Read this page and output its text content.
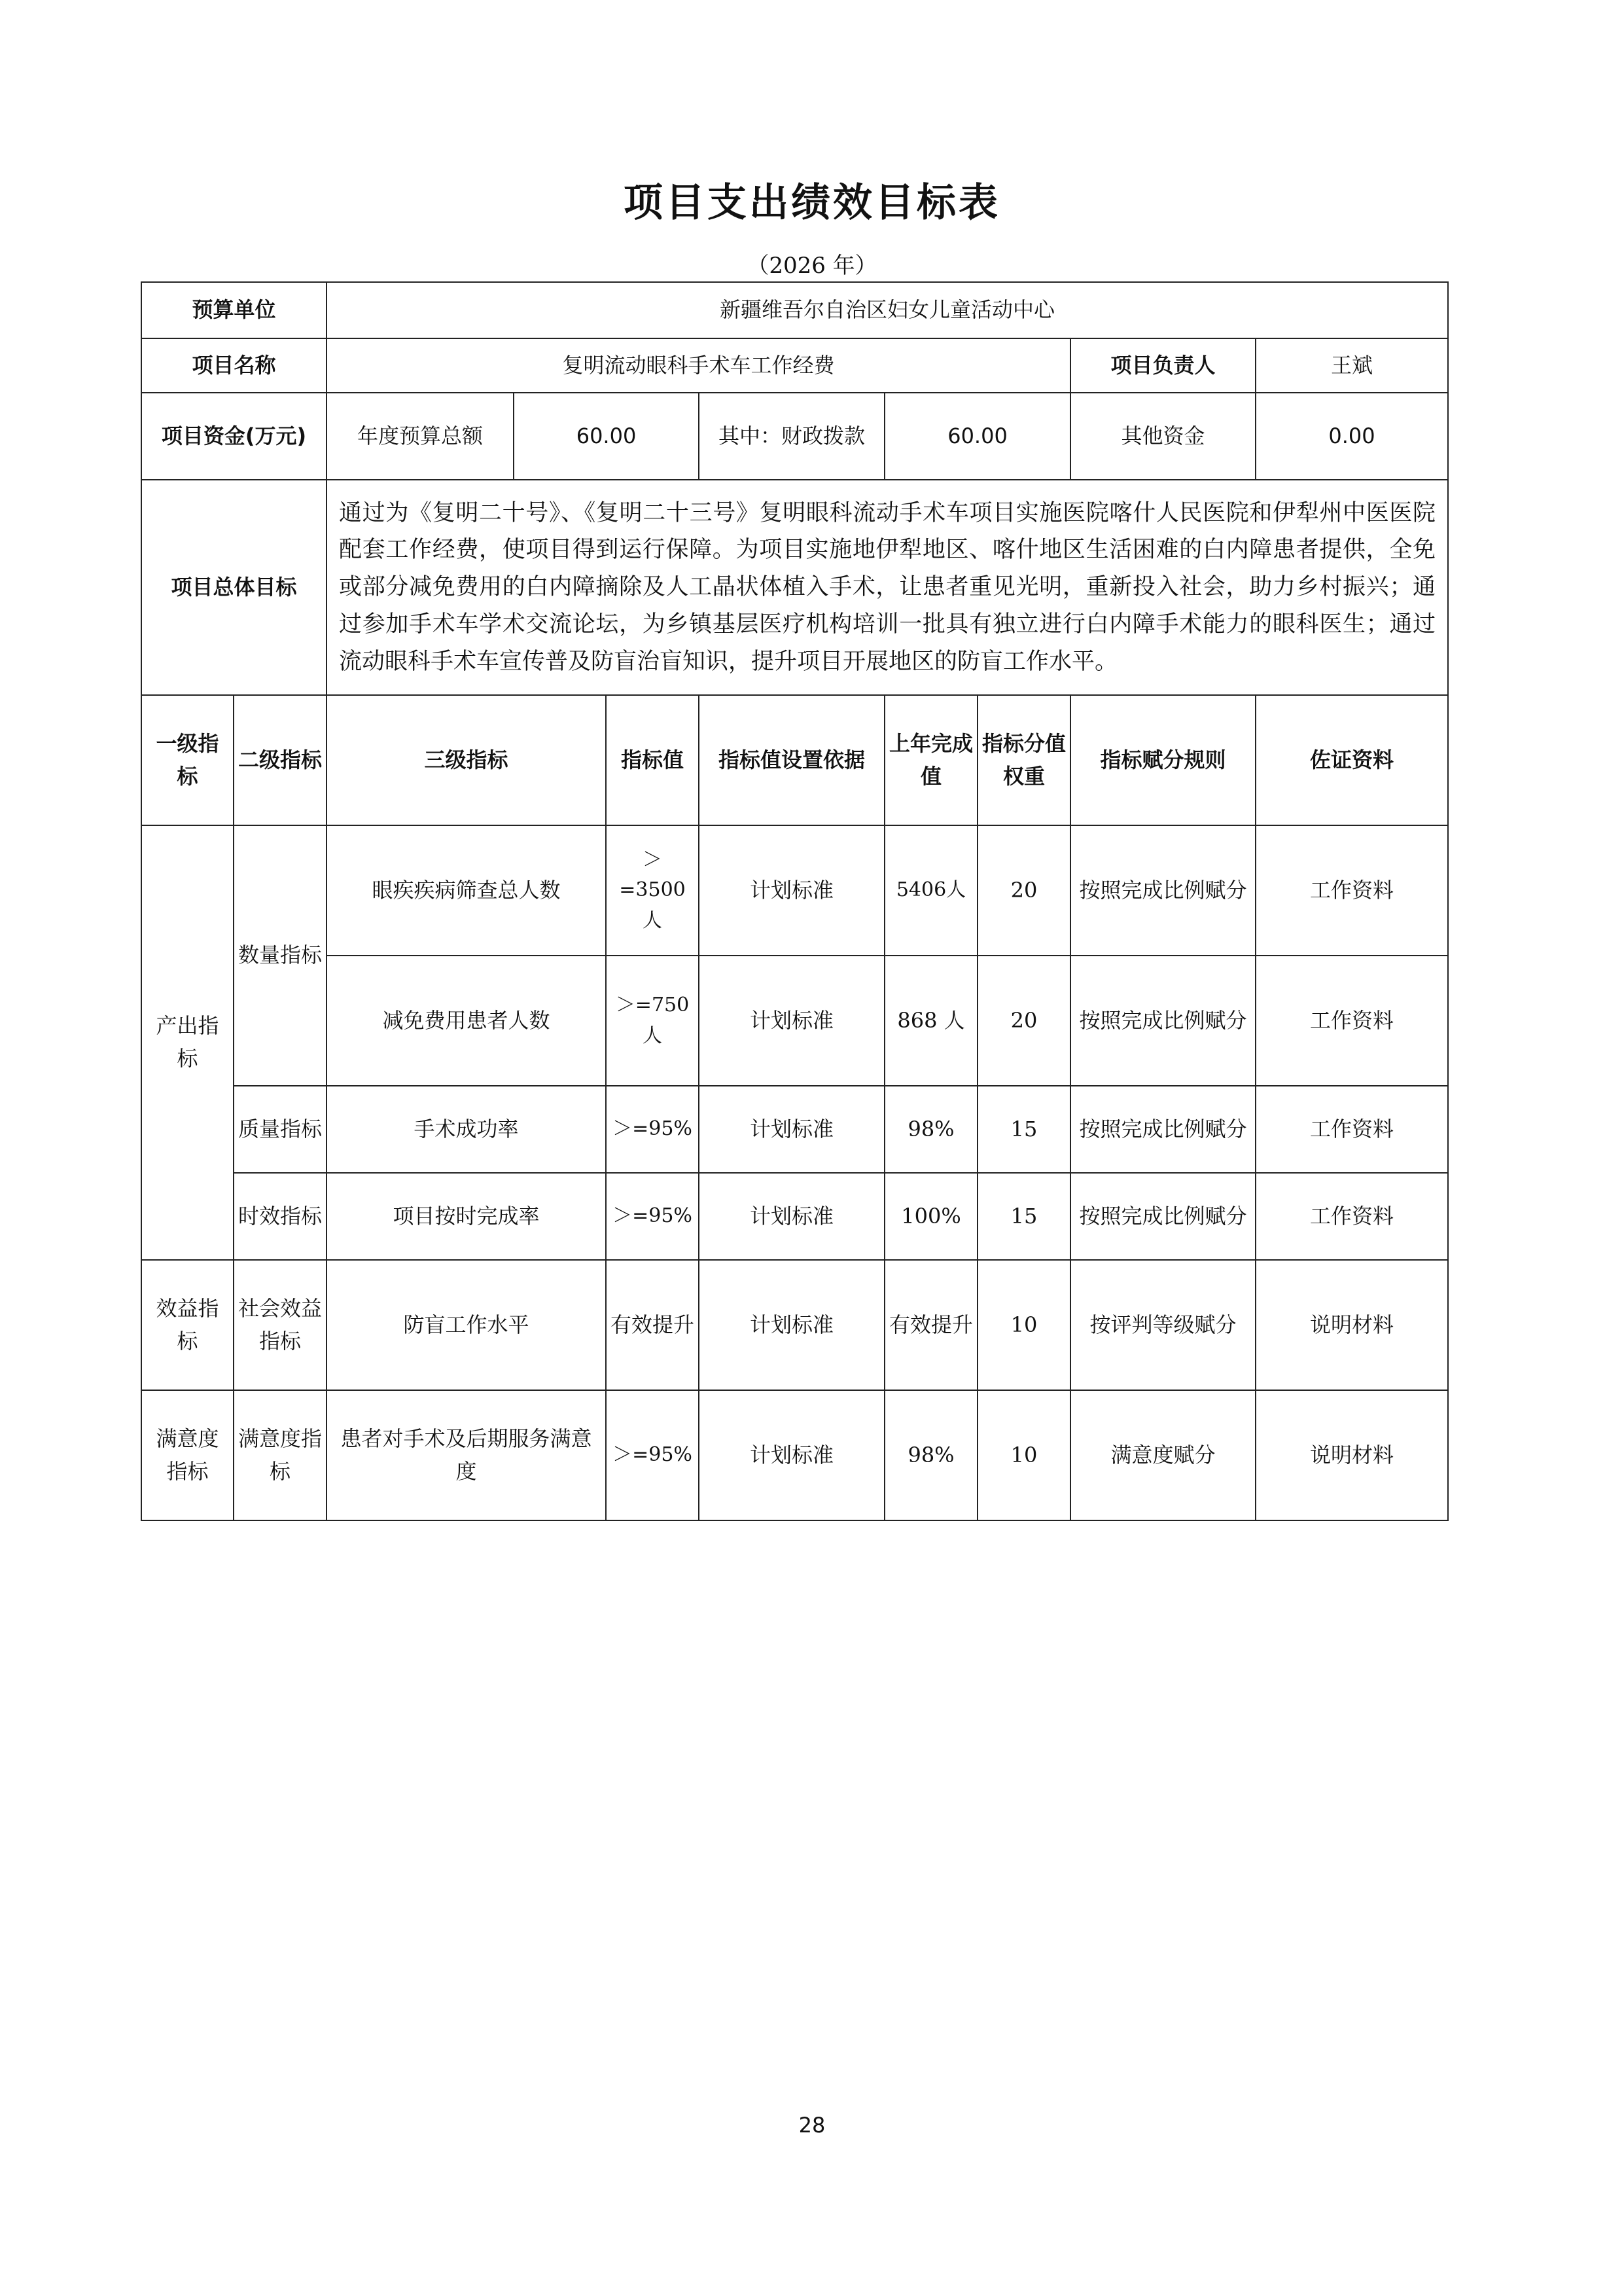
项目支出绩效目标表
（2026 年）
预算单位		新疆维吾尔自治区妇女儿童活动中心							
项目名称		复明流动眼科手术车工作经费						项目负责人	王斌
项目资金(万元)		年度预算总额	60.00		其中：财政拨款	60.00		其他资金	0.00
项目总体目标		通过为《复明二十号》、《复明二十三号》复明眼科流动手术车项目实施医院喀什人民医院和伊犁州中医医院配套工作经费，使项目得到运行保障。为项目实施地伊犁地区、喀什地区生活困难的白内障患者提供，全免或部分减免费用的白内障摘除及人工晶状体植入手术，让患者重见光明，重新投入社会，助力乡村振兴；通过参加手术车学术交流论坛，为乡镇基层医疗机构培训一批具有独立进行白内障手术能力的眼科医生；通过流动眼科手术车宣传普及防盲治盲知识，提升项目开展地区的防盲工作水平。							
一级指标	二级指标	三级指标		指标值	指标值设置依据	上年完成值	指标分值权重	指标赋分规则	佐证资料
产出指标	数量指标	眼疾疾病筛查总人数		＞=3500人	计划标准	5406人	20	按照完成比例赋分	工作资料
		减免费用患者人数		＞=750人	计划标准	868 人	20	按照完成比例赋分	工作资料
	质量指标	手术成功率		＞=95%	计划标准	98%	15	按照完成比例赋分	工作资料
	时效指标	项目按时完成率		＞=95%	计划标准	100%	15	按照完成比例赋分	工作资料
效益指标	社会效益指标	防盲工作水平		有效提升	计划标准	有效提升	10	按评判等级赋分	说明材料
满意度指标	满意度指标	患者对手术及后期服务满意度		＞=95%	计划标准	98%	10	满意度赋分	说明材料
28
